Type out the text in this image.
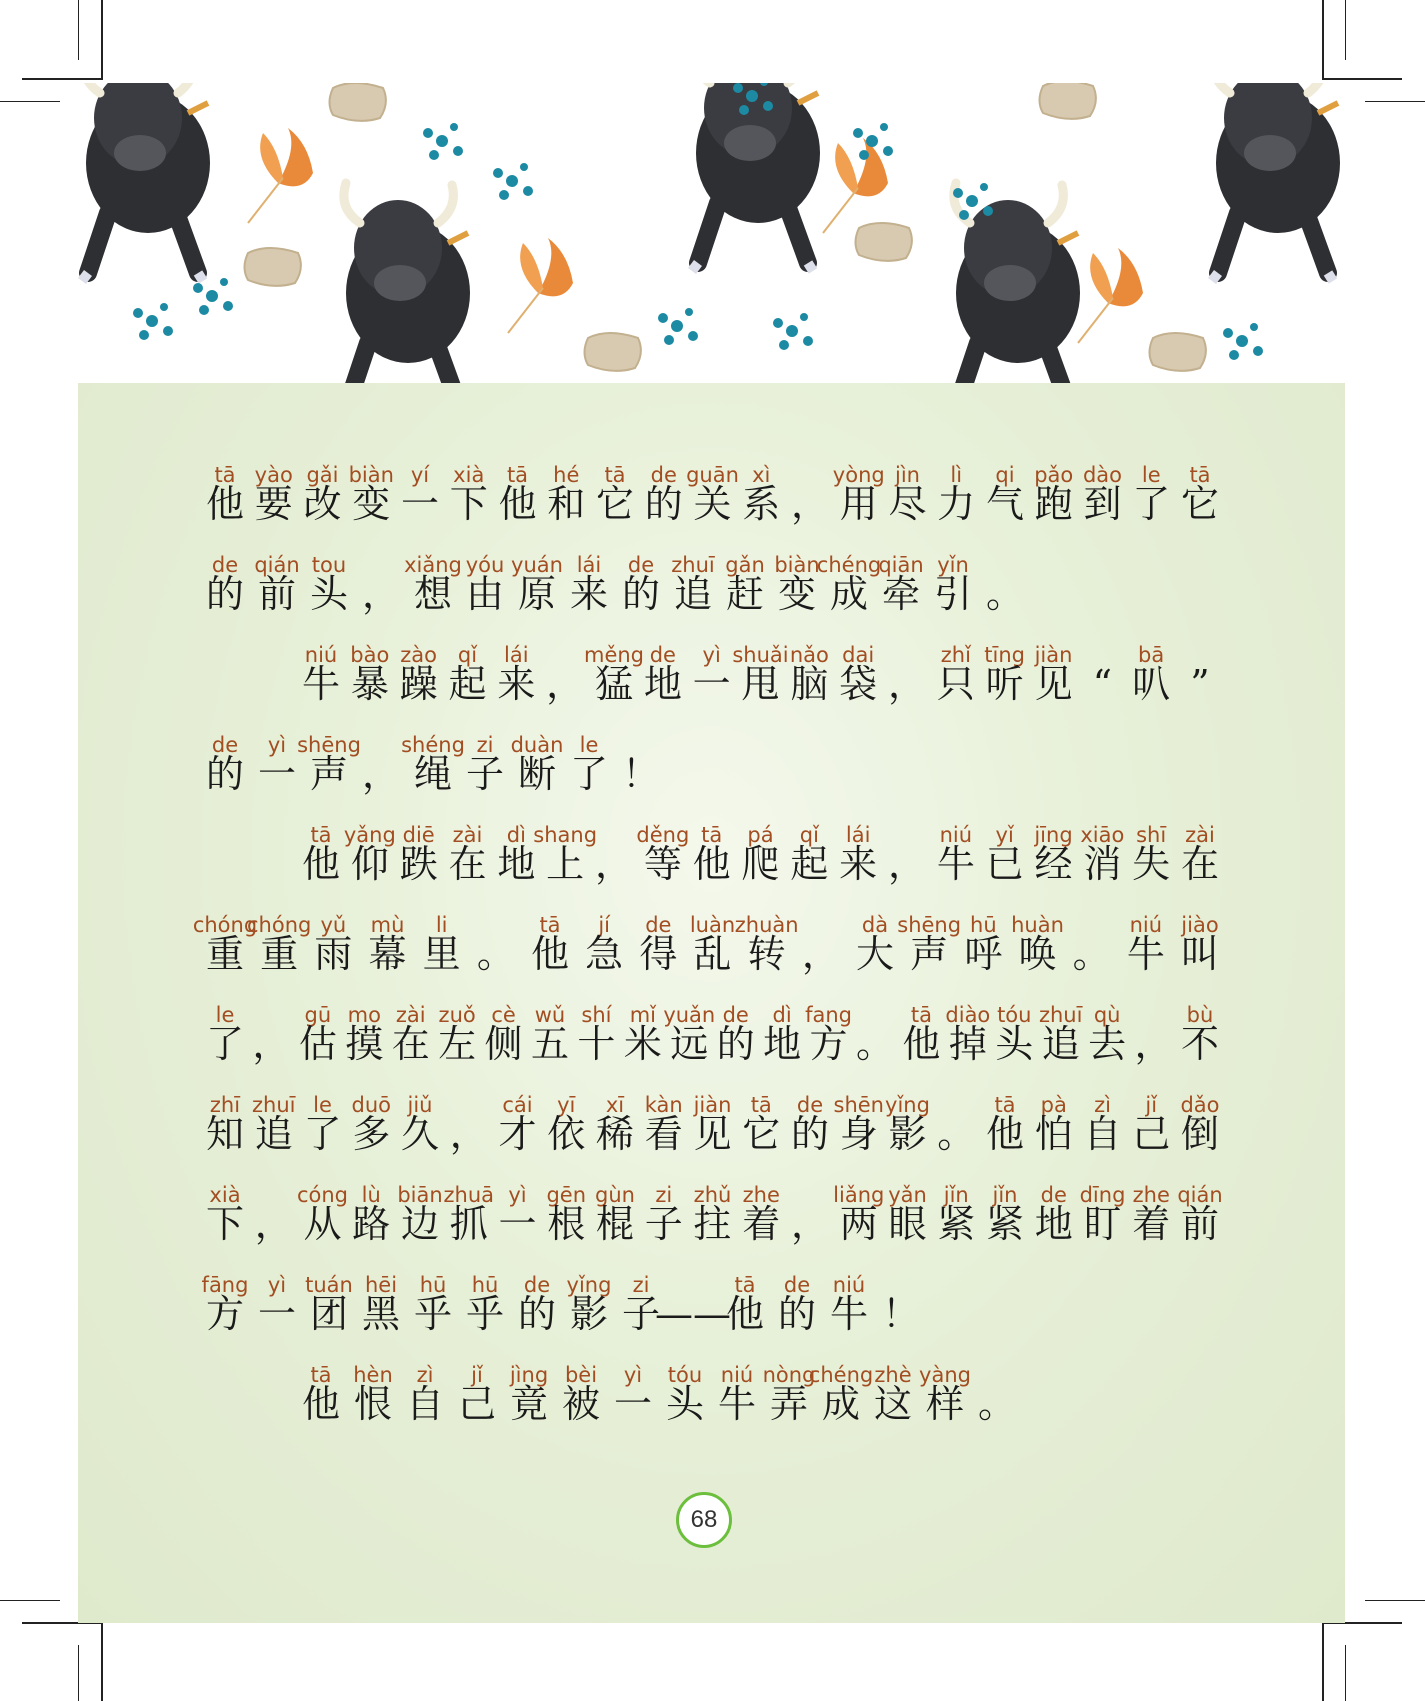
tā
他
yào
要
gǎi
改
biàn
变
yí
一
xià
下
tā
他
hé
和
tā
它
de
的
guān
关
xì
系 ，
yòng
用
jìn
尽
lì
力
qi
气
pǎo
跑
dào
到
le
了
tā
它
de
的
qián
前
tou
头 ，
xiǎng
想
yóu
由
yuán
原
lái
来
de
的
zhuī
追
gǎn
赶
biàn
变
chéng
成
qiān
牵
yǐn
引 。
niú
牛
bào
暴
zào
躁
qǐ
起
lái
来 ，
měng
猛
de
地
yì
一
shuǎi
甩
nǎo
脑
dai
袋 ，
zhǐ
只
tīng
听
jiàn
见 “
bā
叭 ”
de
的
yì
一
shēng
声 ，
shéng
绳
zi
子
duàn
断
le
了 ！
tā
他
yǎng
仰
diē
跌
zài
在
dì
地
shang
上 ，
děng
等
tā
他
pá
爬
qǐ
起
lái
来 ，
niú
牛
yǐ
已
jīng
经
xiāo
消
shī
失
zài
在
chóng
重
chóng
重
yǔ
雨
mù
幕
li
里 。
tā
他
jí
急
de
得
luàn
乱
zhuàn
转 ，
dà
大
shēng
声
hū
呼
huàn
唤 。
niú
牛
jiào
叫
le
了 ，
gū
估
mo
摸
zài
在
zuǒ
左
cè
侧
wǔ
五
shí
十
mǐ
米
yuǎn
远
de
的
dì
地
fang
方 。
tā
他
diào
掉
tóu
头
zhuī
追
qù
去 ，
bù
不
zhī
知
zhuī
追
le
了
duō
多
jiǔ
久 ，
cái
才
yī
依
xī
稀
kàn
看
jiàn
见
tā
它
de
的
shēn
身
yǐng
影 。
tā
他
pà
怕
zì
自
jǐ
己
dǎo
倒
xià
下 ，
cóng
从
lù
路
biān
边
zhuā
抓
yì
一
gēn
根
gùn
棍
zi
子
zhǔ
拄
zhe
着 ，
liǎng
两
yǎn
眼
jǐn
紧
jǐn
紧
de
地
dīng
盯
zhe
着
qián
前
fāng
方
yì
一
tuán
团
hēi
黑
hū
乎
hū
乎
de
的
yǐng
影
zi
子
——
tā
他
de
的
niú
牛 ！
tā
他
hèn
恨
zì
自
jǐ
己
jìng
竟
bèi
被
yì
一
tóu
头
niú
牛
nòng
弄
chéng
成
zhè
这
yàng
样 。
68
